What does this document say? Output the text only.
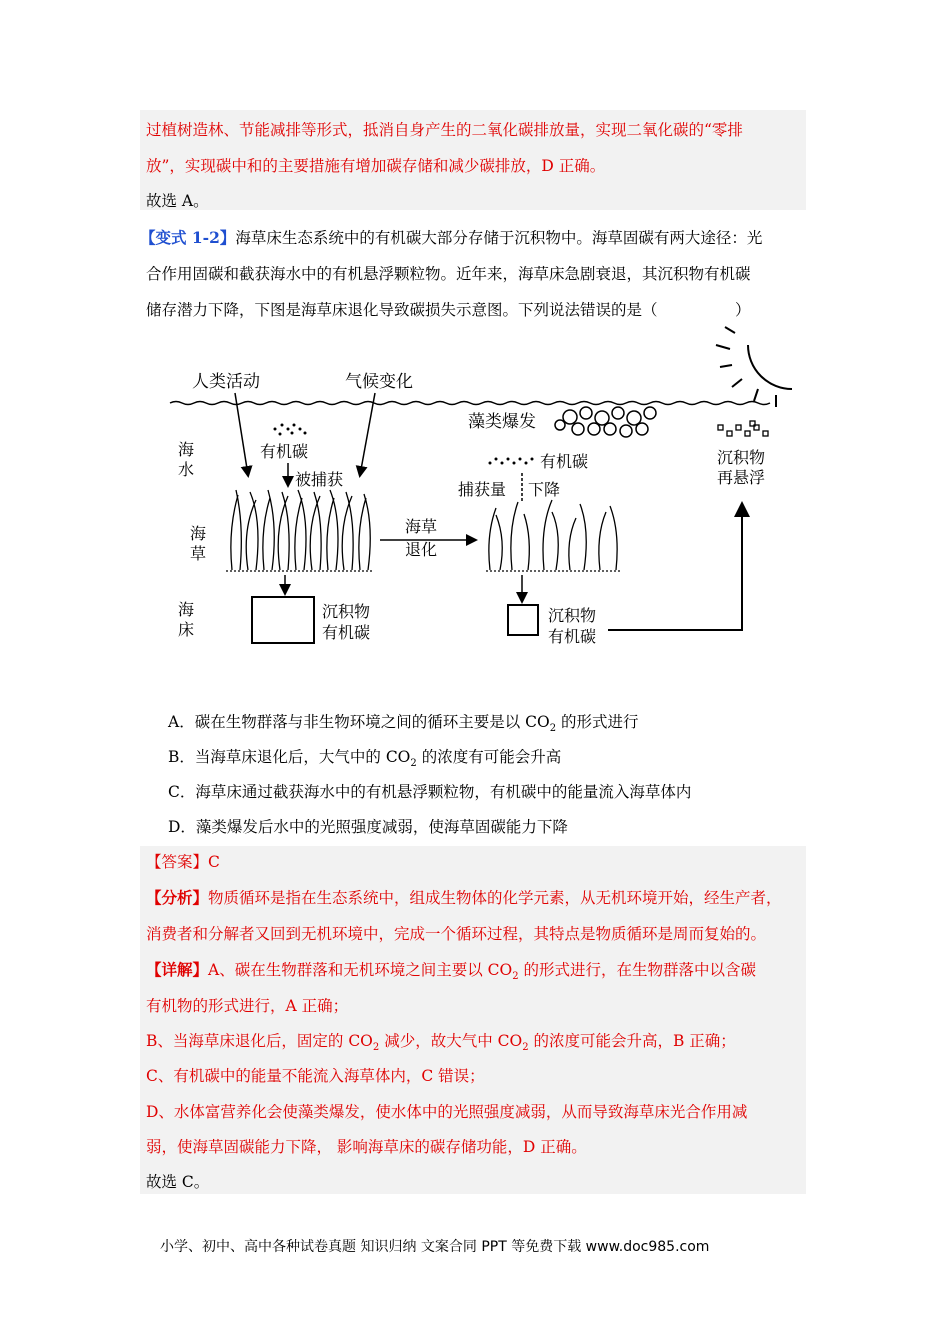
过植树造林、节能减排等形式，抵消自身产生的二氧化碳排放量，实现二氧化碳的“零排
放”，实现碳中和的主要措施有增加碳存储和减少碳排放，D 正确。
故选 A。
【变式 1-2】海草床生态系统中的有机碳大部分存储于沉积物中。海草固碳有两大途径：光
合作用固碳和截获海水中的有机悬浮颗粒物。近年来，海草床急剧衰退，其沉积物有机碳
储存潜力下降，下图是海草床退化导致碳损失示意图。下列说法错误的是（　　　　　）
人类活动	气候变化
海
水
海
草
海
床
有机碳
被捕获
沉积物
有机碳
海草
退化
藻类爆发
有机碳
捕获量 下降
沉积物
有机碳
沉积物
再悬浮
A．碳在生物群落与非生物环境之间的循环主要是以 $CO_2$ 的形式进行
B．当海草床退化后，大气中的 $CO_2$ 的浓度有可能会升高
C．海草床通过截获海水中的有机悬浮颗粒物，有机碳中的能量流入海草体内
D．藻类爆发后水中的光照强度减弱，使海草固碳能力下降
【答案】C
【分析】物质循环是指在生态系统中，组成生物体的化学元素，从无机环境开始，经生产者，
消费者和分解者又回到无机环境中，完成一个循环过程，其特点是物质循环是周而复始的。
【详解】A、碳在生物群落和无机环境之间主要以 $CO_2$ 的形式进行，在生物群落中以含碳
有机物的形式进行，A 正确；
B、当海草床退化后，固定的 $CO_2$ 减少，故大气中 $CO_2$ 的浓度可能会升高，B 正确；
C、有机碳中的能量不能流入海草体内，C 错误；
D、水体富营养化会使藻类爆发，使水体中的光照强度减弱，从而导致海草床光合作用减
弱，使海草固碳能力下降， 影响海草床的碳存储功能，D 正确。
故选 C。
小学、初中、高中各种试卷真题 知识归纳 文案合同 PPT 等免费下载 www.doc985.com
